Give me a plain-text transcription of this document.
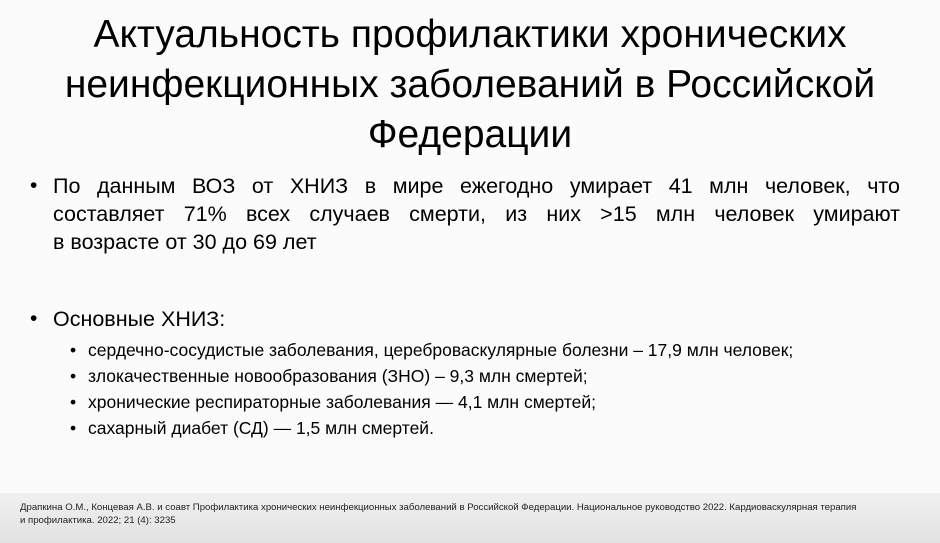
Актуальность профилактики хронических
неинфекционных заболеваний в Российской
Федерации
• По данным ВОЗ от ХНИЗ в мире ежегодно умирает 41 млн человек, что
составляет 71% всех случаев смерти, из них >15 млн человек умирают
в возрасте от 30 до 69 лет
• Основные ХНИЗ:
• сердечно-сосудистые заболевания, цереброваскулярные болезни – 17,9 млн человек;
• злокачественные новообразования (ЗНО) – 9,3 млн смертей;
• хронические респираторные заболевания — 4,1 млн смертей;
• сахарный диабет (СД) — 1,5 млн смертей.
Драпкина О.М., Концевая А.В. и соавт Профилактика хронических неинфекционных заболеваний в Российской Федерации. Национальное руководство 2022. Кардиоваскулярная терапия
и профилактика. 2022; 21 (4): 3235
